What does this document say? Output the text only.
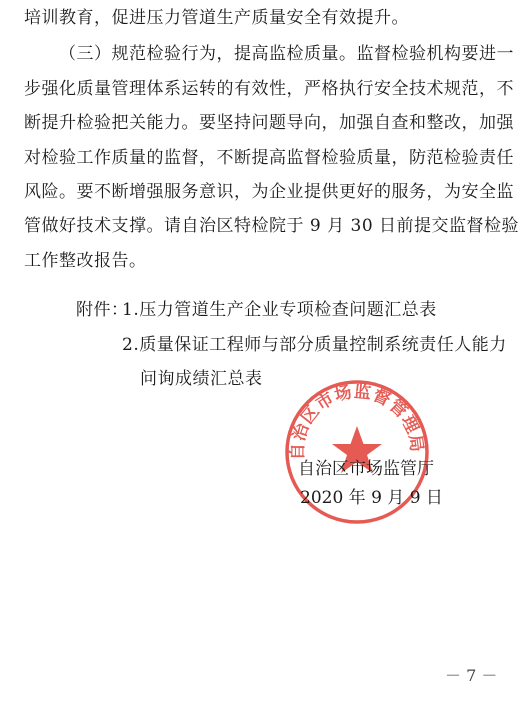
培训教育，促进压力管道生产质量安全有效提升。
（三）规范检验行为，提高监检质量。监督检验机构要进一
步强化质量管理体系运转的有效性，严格执行安全技术规范，不
断提升检验把关能力。要坚持问题导向，加强自查和整改，加强
对检验工作质量的监督，不断提高监督检验质量，防范检验责任
风险。要不断增强服务意识，为企业提供更好的服务，为安全监
管做好技术支撑。请自治区特检院于 9 月 30 日前提交监督检验
工作整改报告。
附件：
1.压力管道生产企业专项检查问题汇总表
2.质量保证工程师与部分质量控制系统责任人能力
问询成绩汇总表
自治区市场监督管理局
自治区市场监管厅
2020 年 9 月 9 日
－ 7 －
